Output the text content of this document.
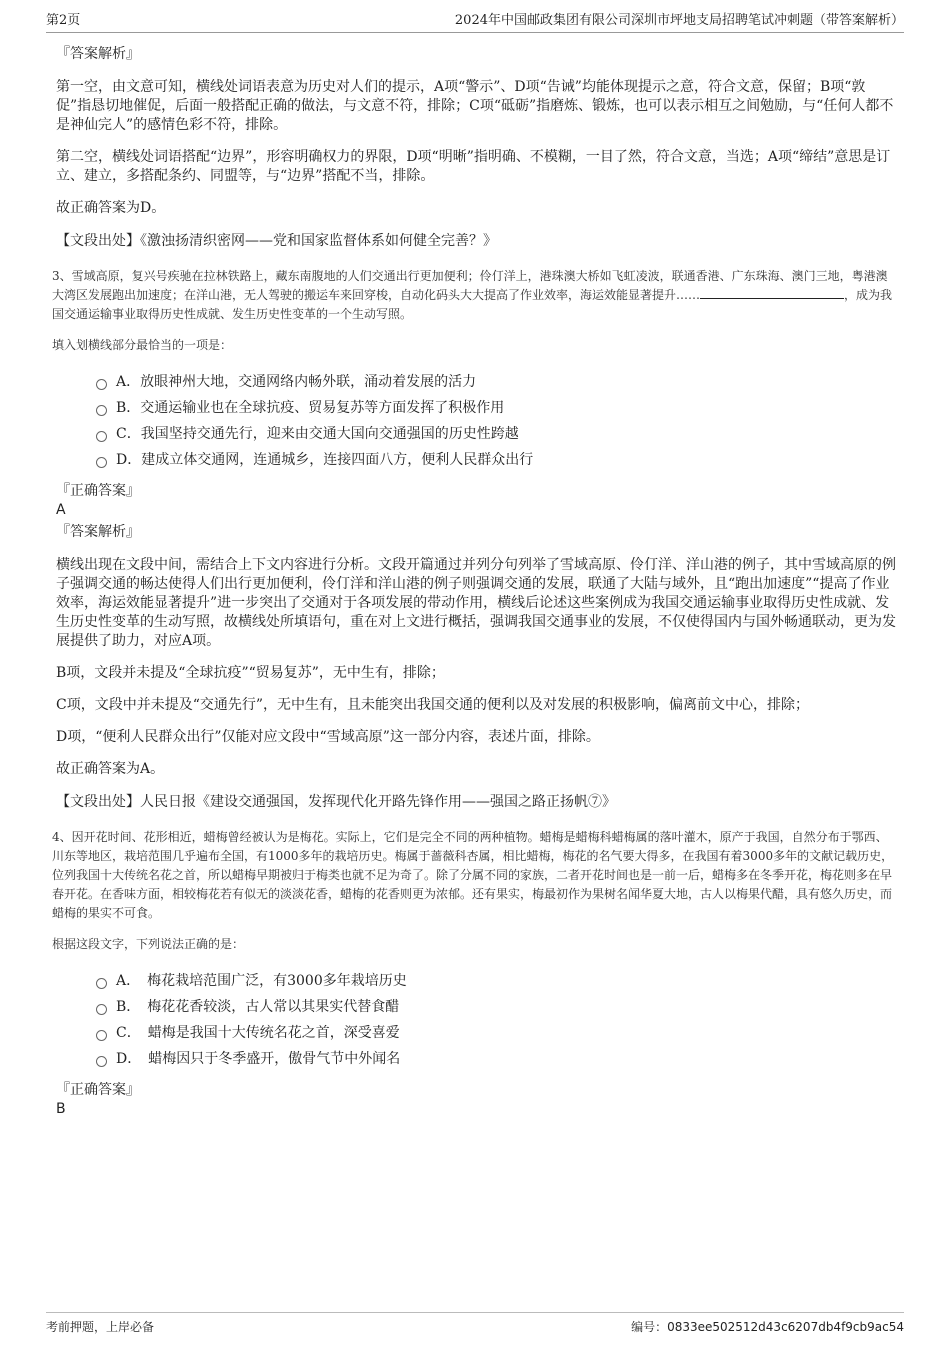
第2页	2024年中国邮政集团有限公司深圳市坪地支局招聘笔试冲刺题（带答案解析）
『答案解析』
第一空，由文意可知，横线处词语表意为历史对人们的提示，A项“警示”、D项“告诫”均能体现提示之意，符合文意，保留；B项“敦促”指恳切地催促，后面一般搭配正确的做法，与文意不符，排除；C项“砥砺”指磨炼、锻炼，也可以表示相互之间勉励，与“任何人都不是神仙完人”的感情色彩不符，排除。
第二空，横线处词语搭配“边界”，形容明确权力的界限，D项“明晰”指明确、不模糊，一目了然，符合文意，当选；A项“缔结”意思是订立、建立，多搭配条约、同盟等，与“边界”搭配不当，排除。
故正确答案为D。
【文段出处】《激浊扬清织密网——党和国家监督体系如何健全完善？》
3、雪域高原，复兴号疾驰在拉林铁路上，藏东南腹地的人们交通出行更加便利；伶仃洋上，港珠澳大桥如飞虹凌波，联通香港、广东珠海、澳门三地，粤港澳大湾区发展跑出加速度；在洋山港，无人驾驶的搬运车来回穿梭，自动化码头大大提高了作业效率，海运效能显著提升……	，成为我国交通运输事业取得历史性成就、发生历史性变革的一个生动写照。
填入划横线部分最恰当的一项是：
A．放眼神州大地，交通网络内畅外联，涌动着发展的活力
B．交通运输业也在全球抗疫、贸易复苏等方面发挥了积极作用
C．我国坚持交通先行，迎来由交通大国向交通强国的历史性跨越
D．建成立体交通网，连通城乡，连接四面八方，便利人民群众出行
『正确答案』
A
『答案解析』
横线出现在文段中间，需结合上下文内容进行分析。文段开篇通过并列分句列举了雪域高原、伶仃洋、洋山港的例子，其中雪域高原的例子强调交通的畅达使得人们出行更加便利，伶仃洋和洋山港的例子则强调交通的发展，联通了大陆与域外，且“跑出加速度”“提高了作业效率，海运效能显著提升”进一步突出了交通对于各项发展的带动作用，横线后论述这些案例成为我国交通运输事业取得历史性成就、发生历史性变革的生动写照，故横线处所填语句，重在对上文进行概括，强调我国交通事业的发展，不仅使得国内与国外畅通联动，更为发展提供了助力，对应A项。
B项，文段并未提及“全球抗疫”“贸易复苏”，无中生有，排除；
C项，文段中并未提及“交通先行”，无中生有，且未能突出我国交通的便利以及对发展的积极影响，偏离前文中心，排除；
D项，“便利人民群众出行”仅能对应文段中“雪域高原”这一部分内容，表述片面，排除。
故正确答案为A。
【文段出处】人民日报《建设交通强国，发挥现代化开路先锋作用——强国之路正扬帆⑦》
4、因开花时间、花形相近，蜡梅曾经被认为是梅花。实际上，它们是完全不同的两种植物。蜡梅是蜡梅科蜡梅属的落叶灌木，原产于我国，自然分布于鄂西、川东等地区，栽培范围几乎遍布全国，有1000多年的栽培历史。梅属于蔷薇科杏属，相比蜡梅，梅花的名气要大得多，在我国有着3000多年的文献记载历史，位列我国十大传统名花之首，所以蜡梅早期被归于梅类也就不足为奇了。除了分属不同的家族，二者开花时间也是一前一后，蜡梅多在冬季开花，梅花则多在早春开花。在香味方面，相较梅花若有似无的淡淡花香，蜡梅的花香则更为浓郁。还有果实，梅最初作为果树名闻华夏大地，古人以梅果代醋，具有悠久历史，而蜡梅的果实不可食。
根据这段文字，下列说法正确的是：
A．　梅花栽培范围广泛，有3000多年栽培历史
B．　梅花花香较淡，古人常以其果实代替食醋
C．　蜡梅是我国十大传统名花之首，深受喜爱
D．　蜡梅因只于冬季盛开，傲骨气节中外闻名
『正确答案』
B
考前押题，上岸必备	编号：0833ee502512d43c6207db4f9cb9ac54
